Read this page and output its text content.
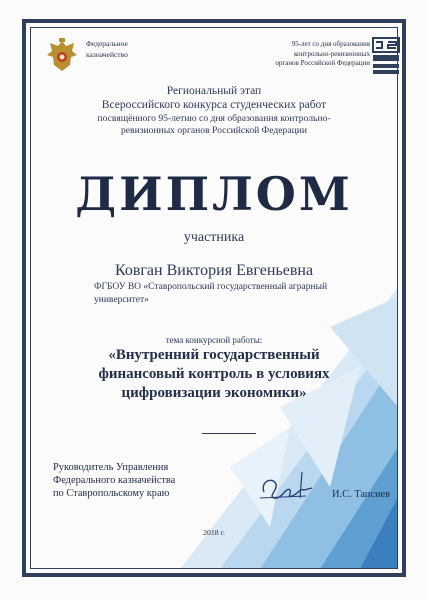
Федеральное
казначейство
95-лет со дня образования
контрольно-ревизионных
органов Российской Федерации
Региональный этап
Всероссийского конкурса студенческих работ
посвящённого 95-летию со дня образования контрольно-
ревизионных органов Российской Федерации
ДИПЛОМ
участника
Ковган Виктория Евгеньевна
ФГБОУ ВО «Ставропольский государственный аграрный
университет»
тема конкурсной работы:
«Внутренний государственный
финансовый контроль в условиях
цифровизации экономики»
Руководитель Управления
Федерального казначейства
по Ставропольскому краю	И.С. Тапсиев
2018 г.
